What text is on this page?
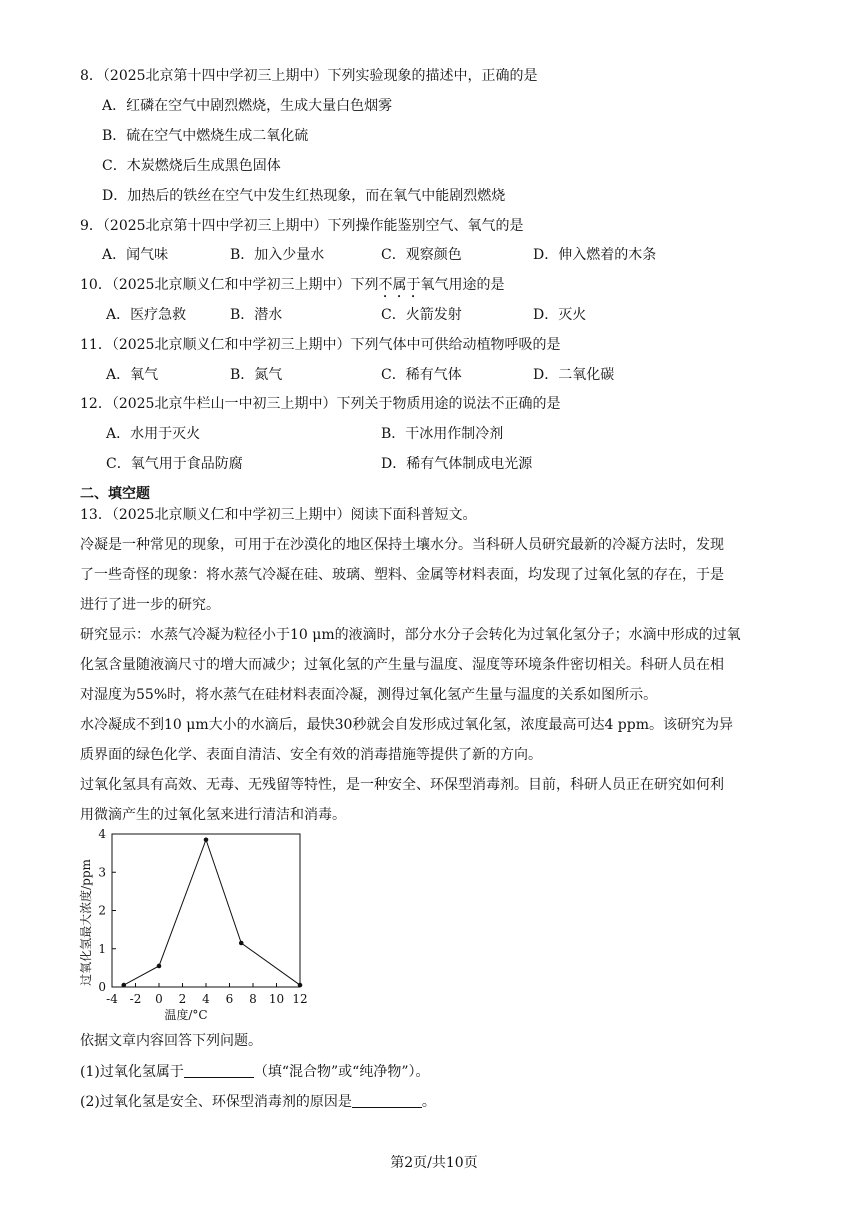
8．（2025北京第十四中学初三上期中）下列实验现象的描述中，正确的是
A．红磷在空气中剧烈燃烧，生成大量白色烟雾
B．硫在空气中燃烧生成二氧化硫
C．木炭燃烧后生成黑色固体
D．加热后的铁丝在空气中发生红热现象，而在氧气中能剧烈燃烧
9．（2025北京第十四中学初三上期中）下列操作能鉴别空气、氧气的是
A．闻气味	B．加入少量水	C．观察颜色	D．伸入燃着的木条
10．（2025北京顺义仁和中学初三上期中）下列不属于氧气用途的是
A．医疗急救	B．潜水	C．火箭发射	D．灭火
11．（2025北京顺义仁和中学初三上期中）下列气体中可供给动植物呼吸的是
A．氧气	B．氮气	C．稀有气体	D．二氧化碳
12．（2025北京牛栏山一中初三上期中）下列关于物质用途的说法不正确的是
A．水用于灭火	B．干冰用作制冷剂
C．氧气用于食品防腐	D．稀有气体制成电光源
二、填空题
13．（2025北京顺义仁和中学初三上期中）阅读下面科普短文。
冷凝是一种常见的现象，可用于在沙漠化的地区保持土壤水分。当科研人员研究最新的冷凝方法时，发现
了一些奇怪的现象：将水蒸气冷凝在硅、玻璃、塑料、金属等材料表面，均发现了过氧化氢的存在，于是
进行了进一步的研究。
研究显示：水蒸气冷凝为粒径小于10 μm的液滴时，部分水分子会转化为过氧化氢分子；水滴中形成的过氧
化氢含量随液滴尺寸的增大而减少；过氧化氢的产生量与温度、湿度等环境条件密切相关。科研人员在相
对湿度为55%时，将水蒸气在硅材料表面冷凝，测得过氧化氢产生量与温度的关系如图所示。
水冷凝成不到10 μm大小的水滴后，最快30秒就会自发形成过氧化氢，浓度最高可达4 ppm。该研究为异
质界面的绿色化学、表面自清洁、安全有效的消毒措施等提供了新的方向。
过氧化氢具有高效、无毒、无残留等特性，是一种安全、环保型消毒剂。目前，科研人员正在研究如何利
用微滴产生的过氧化氢来进行清洁和消毒。
-4 -2 0 2 4 6 8 10 12
0
1
2
3
4
温度/°C
过氧化氢最大浓度/ppm
依据文章内容回答下列问题。
(1)过氧化氢属于	（填“混合物”或“纯净物”）。
(2)过氧化氢是安全、环保型消毒剂的原因是	。
第2页/共10页
